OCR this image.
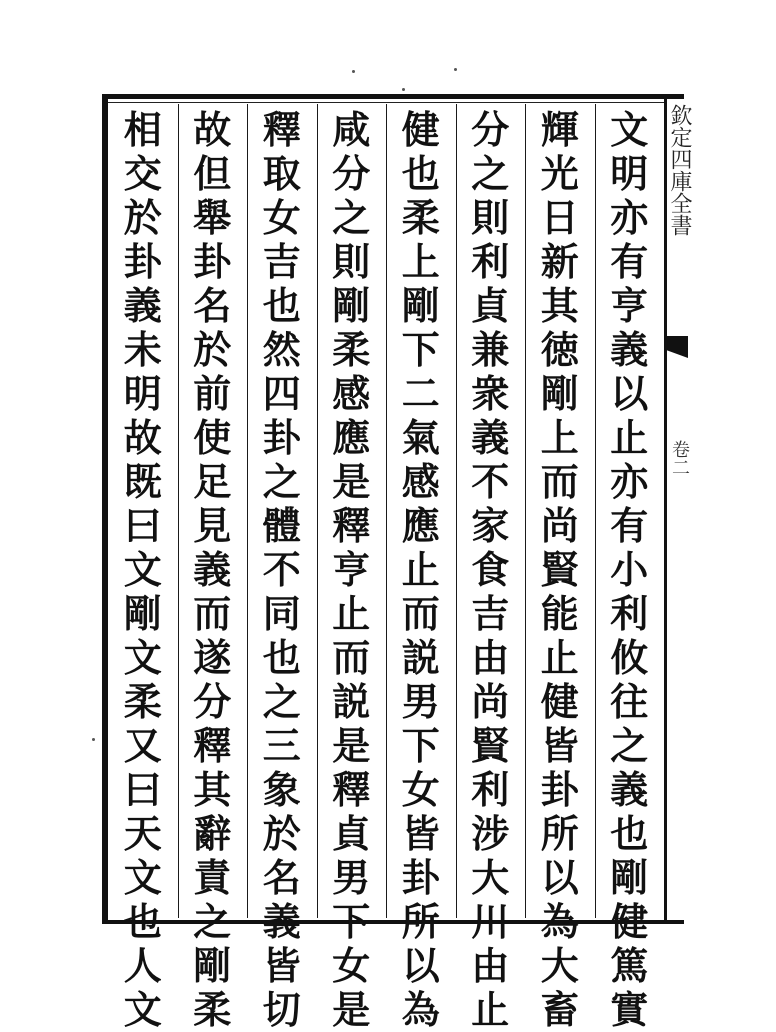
欽定四庫全書
卷二
文
明
亦
有
亨
義
以
止
亦
有
小
利
攸
往
之
義
也
剛
健
篤
實
輝
光
日
新
其
徳
剛
上
而
尚
賢
能
止
健
皆
卦
所
以
為
大
畜
分
之
則
利
貞
兼
衆
義
不
家
食
吉
由
尚
賢
利
涉
大
川
由
止
健
也
柔
上
剛
下
二
氣
感
應
止
而
説
男
下
女
皆
卦
所
以
為
咸
分
之
則
剛
柔
感
應
是
釋
亨
止
而
説
是
釋
貞
男
下
女
是
釋
取
女
吉
也
然
四
卦
之
體
不
同
也
之
三
象
於
名
義
皆
切
故
但
舉
卦
名
於
前
使
足
見
義
而
遂
分
釋
其
辭
責
之
剛
柔
相
交
於
卦
義
未
明
故
既
曰
文
剛
文
柔
又
曰
天
文
也
人
文
